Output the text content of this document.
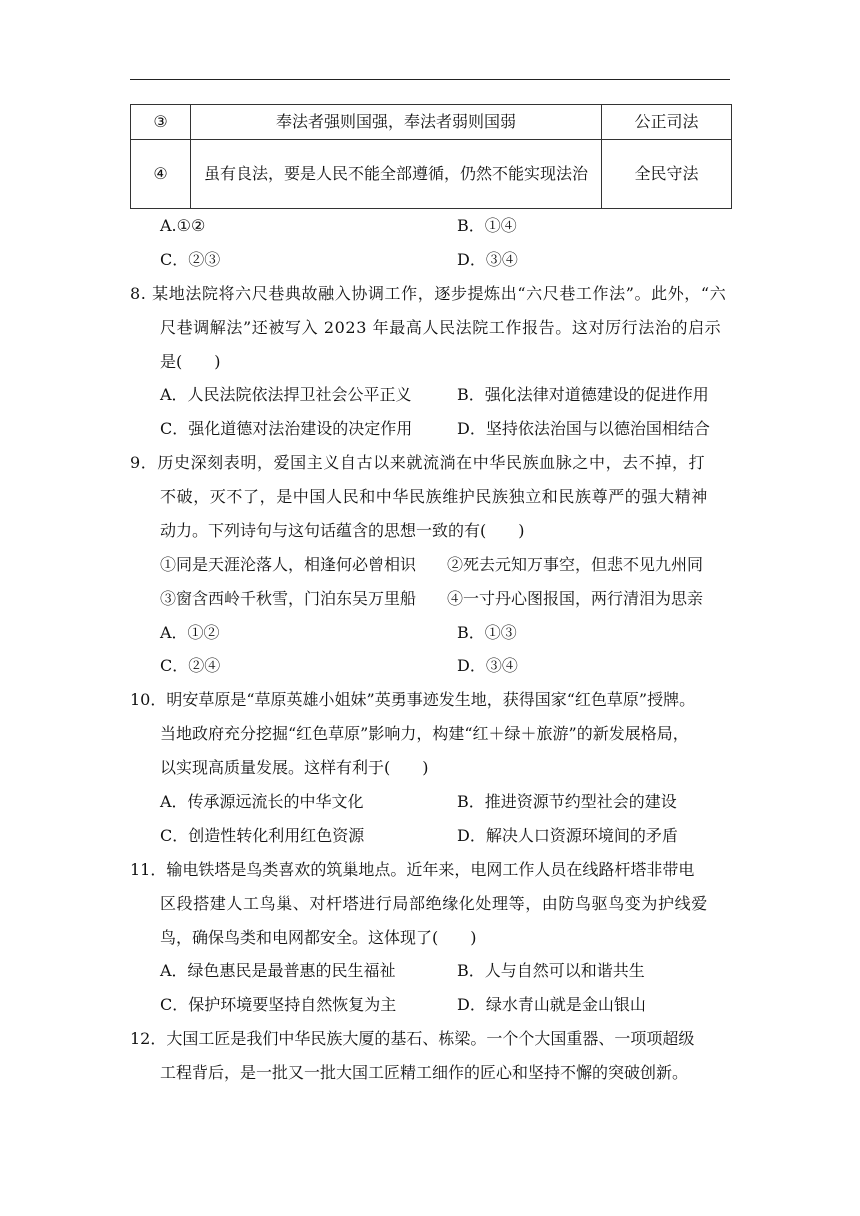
③	奉法者强则国强，奉法者弱则国弱	公正司法
④	虽有良法，要是人民不能全部遵循，仍然不能实现法治	全民守法
A.①②	B．①④
C．②③	D．③④
8. 某地法院将六尺巷典故融入协调工作，逐步提炼出“六尺巷工作法”。此外，“六
尺巷调解法”还被写入 2023 年最高人民法院工作报告。这对厉行法治的启示
是(　　)
A．人民法院依法捍卫社会公平正义	B．强化法律对道德建设的促进作用
C．强化道德对法治建设的决定作用	D．坚持依法治国与以德治国相结合
9．历史深刻表明，爱国主义自古以来就流淌在中华民族血脉之中，去不掉，打
不破，灭不了，是中国人民和中华民族维护民族独立和民族尊严的强大精神
动力。下列诗句与这句话蕴含的思想一致的有(　　)
①同是天涯沦落人，相逢何必曾相识 ②死去元知万事空，但悲不见九州同
③窗含西岭千秋雪，门泊东吴万里船 ④一寸丹心图报国，两行清泪为思亲
A．①②	B．①③
C．②④	D．③④
10．明安草原是“草原英雄小姐妹”英勇事迹发生地，获得国家“红色草原”授牌。
当地政府充分挖掘“红色草原”影响力，构建“红＋绿＋旅游”的新发展格局，
以实现高质量发展。这样有利于(　　)
A．传承源远流长的中华文化	B．推进资源节约型社会的建设
C．创造性转化利用红色资源	D．解决人口资源环境间的矛盾
11．输电铁塔是鸟类喜欢的筑巢地点。近年来，电网工作人员在线路杆塔非带电
区段搭建人工鸟巢、对杆塔进行局部绝缘化处理等，由防鸟驱鸟变为护线爱
鸟，确保鸟类和电网都安全。这体现了(　　)
A．绿色惠民是最普惠的民生福祉	B．人与自然可以和谐共生
C．保护环境要坚持自然恢复为主	D．绿水青山就是金山银山
12．大国工匠是我们中华民族大厦的基石、栋梁。一个个大国重器、一项项超级
工程背后，是一批又一批大国工匠精工细作的匠心和坚持不懈的突破创新。
